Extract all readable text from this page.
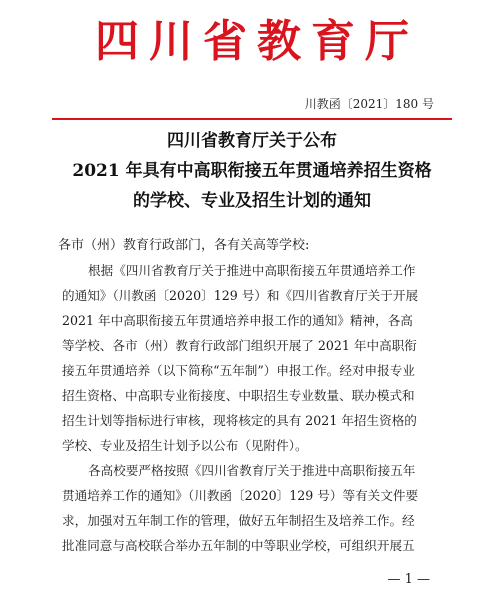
四川省教育厅
川教函〔2021〕180 号
四川省教育厅关于公布
2021 年具有中高职衔接五年贯通培养招生资格
的学校、专业及招生计划的通知
各市（州）教育行政部门，各有关高等学校:
根据《四川省教育厅关于推进中高职衔接五年贯通培养工作
的通知》（川教函〔2020〕129 号）和《四川省教育厅关于开展
2021 年中高职衔接五年贯通培养申报工作的通知》精神，各高
等学校、各市（州）教育行政部门组织开展了 2021 年中高职衔
接五年贯通培养（以下简称“五年制”）申报工作。经对申报专业
招生资格、中高职专业衔接度、中职招生专业数量、联办模式和
招生计划等指标进行审核，现将核定的具有 2021 年招生资格的
学校、专业及招生计划予以公布（见附件）。
各高校要严格按照《四川省教育厅关于推进中高职衔接五年
贯通培养工作的通知》（川教函〔2020〕129 号）等有关文件要
求，加强对五年制工作的管理，做好五年制招生及培养工作。经
批准同意与高校联合举办五年制的中等职业学校，可组织开展五
— 1 —
